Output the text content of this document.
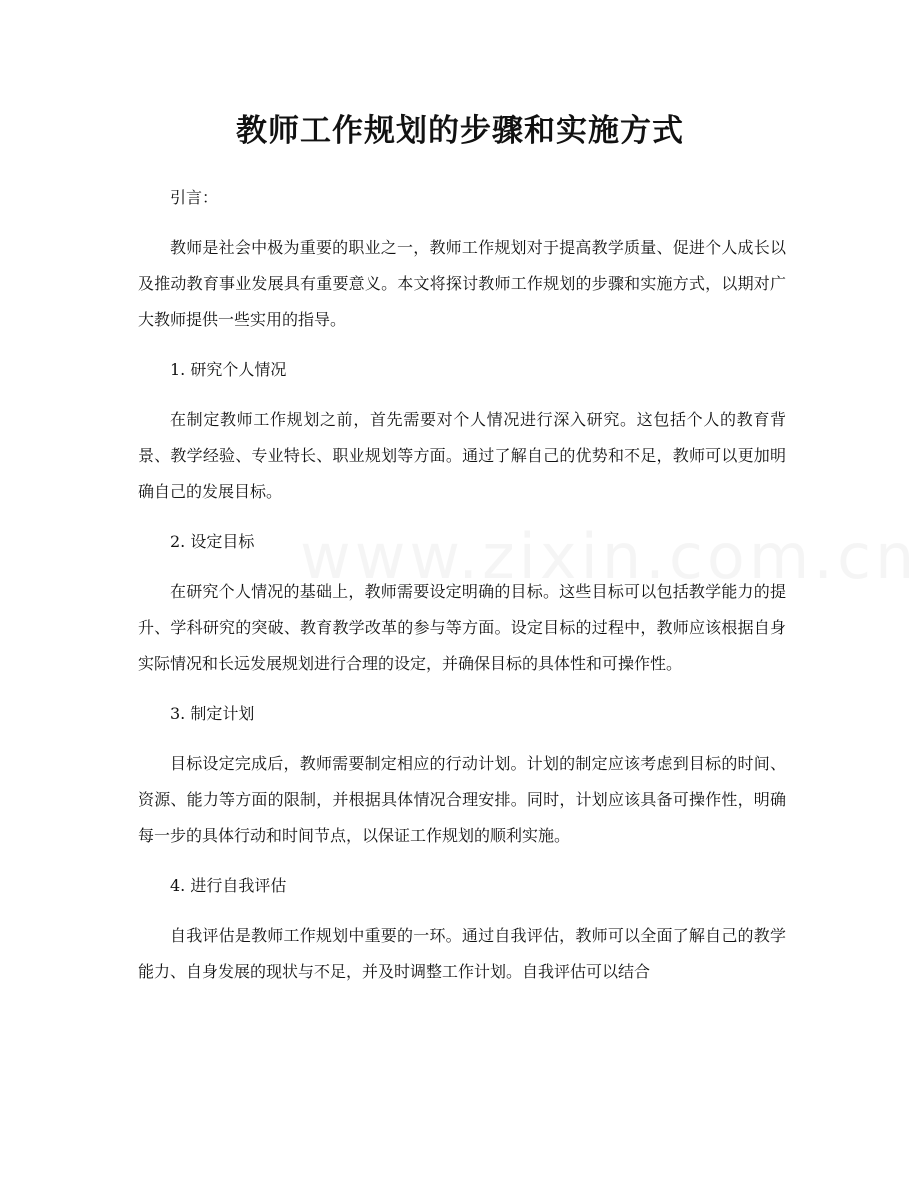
教师工作规划的步骤和实施方式

引言：

教师是社会中极为重要的职业之一，教师工作规划对于提高教学质量、促进个人成长以及推动教育事业发展具有重要意义。本文将探讨教师工作规划的步骤和实施方式，以期对广大教师提供一些实用的指导。

1. 研究个人情况

在制定教师工作规划之前，首先需要对个人情况进行深入研究。这包括个人的教育背景、教学经验、专业特长、职业规划等方面。通过了解自己的优势和不足，教师可以更加明确自己的发展目标。

2. 设定目标

在研究个人情况的基础上，教师需要设定明确的目标。这些目标可以包括教学能力的提升、学科研究的突破、教育教学改革的参与等方面。设定目标的过程中，教师应该根据自身实际情况和长远发展规划进行合理的设定，并确保目标的具体性和可操作性。

3. 制定计划

目标设定完成后，教师需要制定相应的行动计划。计划的制定应该考虑到目标的时间、资源、能力等方面的限制，并根据具体情况合理安排。同时，计划应该具备可操作性，明确每一步的具体行动和时间节点，以保证工作规划的顺利实施。

4. 进行自我评估

自我评估是教师工作规划中重要的一环。通过自我评估，教师可以全面了解自己的教学能力、自身发展的现状与不足，并及时调整工作计划。自我评估可以结合
